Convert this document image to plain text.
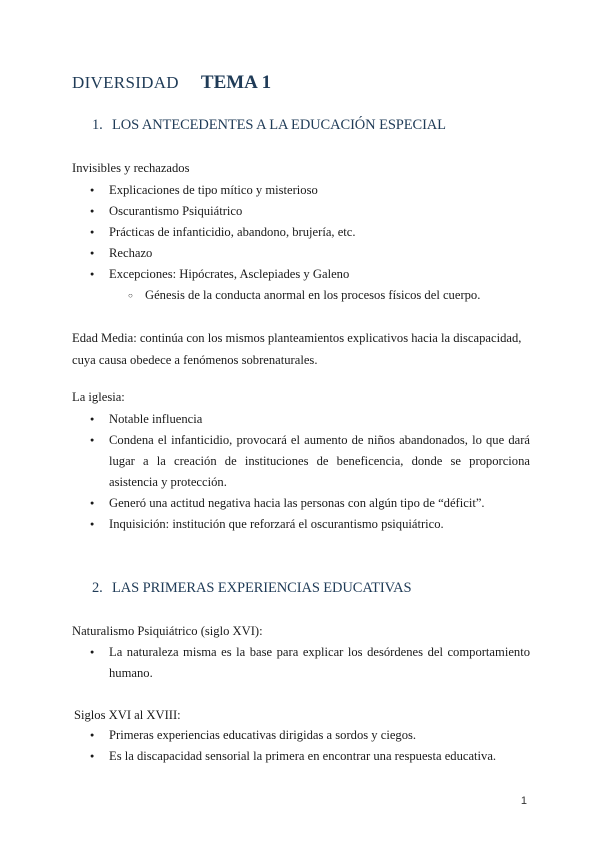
DIVERSIDAD TEMA 1
1. LOS ANTECEDENTES A LA EDUCACIÓN ESPECIAL
Invisibles y rechazados
● Explicaciones de tipo mítico y misterioso
● Oscurantismo Psiquiátrico
● Prácticas de infanticidio, abandono, brujería, etc.
● Rechazo
● Excepciones: Hipócrates, Asclepiades y Galeno
○ Génesis de la conducta anormal en los procesos físicos del cuerpo.
Edad Media: continúa con los mismos planteamientos explicativos hacia la discapacidad, cuya causa obedece a fenómenos sobrenaturales.
La iglesia:
● Notable influencia
● Condena el infanticidio, provocará el aumento de niños abandonados, lo que dará lugar a la creación de instituciones de beneficencia, donde se proporciona asistencia y protección.
● Generó una actitud negativa hacia las personas con algún tipo de “déficit”.
● Inquisición: institución que reforzará el oscurantismo psiquiátrico.
2. LAS PRIMERAS EXPERIENCIAS EDUCATIVAS
Naturalismo Psiquiátrico (siglo XVI):
● La naturaleza misma es la base para explicar los desórdenes del comportamiento humano.
Siglos XVI al XVIII:
● Primeras experiencias educativas dirigidas a sordos y ciegos.
● Es la discapacidad sensorial la primera en encontrar una respuesta educativa.
1
